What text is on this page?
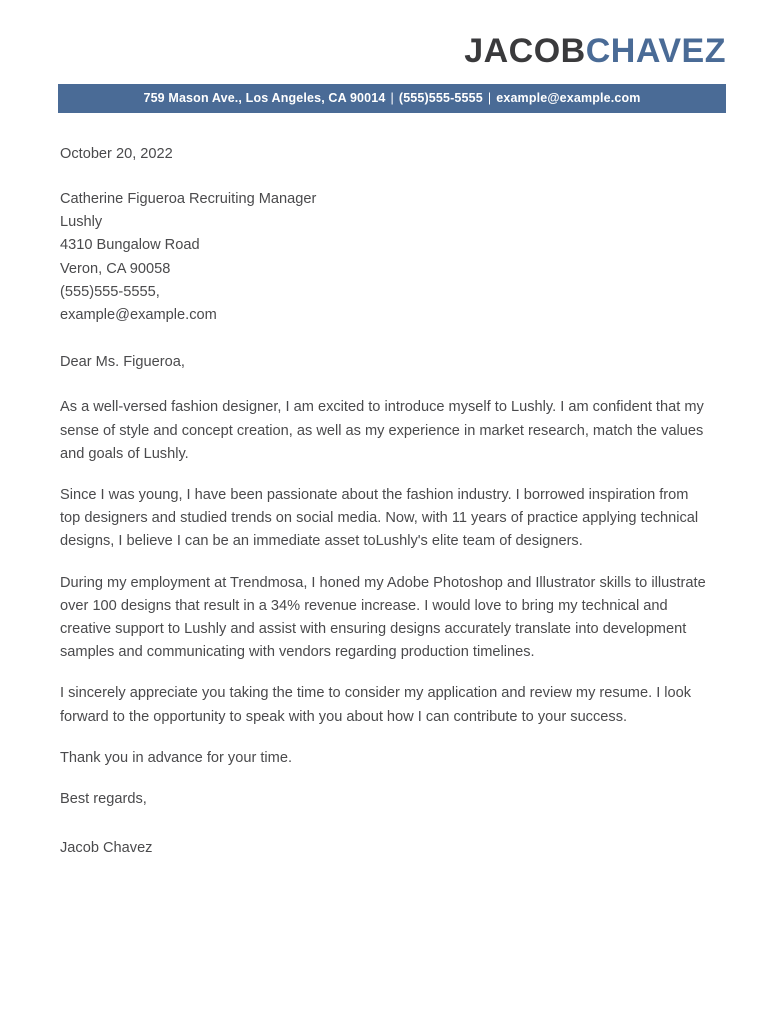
JACOBCHAVEZ
759 Mason Ave., Los Angeles, CA 90014 | (555)555-5555 | example@example.com
October 20, 2022
Catherine Figueroa Recruiting Manager
Lushly
4310 Bungalow Road
Veron, CA 90058
(555)555-5555,
example@example.com
Dear Ms. Figueroa,

As a well-versed fashion designer, I am excited to introduce myself to Lushly. I am confident that my sense of style and concept creation, as well as my experience in market research, match the values and goals of Lushly.

Since I was young, I have been passionate about the fashion industry. I borrowed inspiration from top designers and studied trends on social media. Now, with 11 years of practice applying technical designs, I believe I can be an immediate asset toLushly's elite team of designers.

During my employment at Trendmosa, I honed my Adobe Photoshop and Illustrator skills to illustrate over 100 designs that result in a 34% revenue increase. I would love to bring my technical and creative support to Lushly and assist with ensuring designs accurately translate into development samples and communicating with vendors regarding production timelines.

I sincerely appreciate you taking the time to consider my application and review my resume. I look forward to the opportunity to speak with you about how I can contribute to your success.

Thank you in advance for your time.

Best regards,
Jacob Chavez
